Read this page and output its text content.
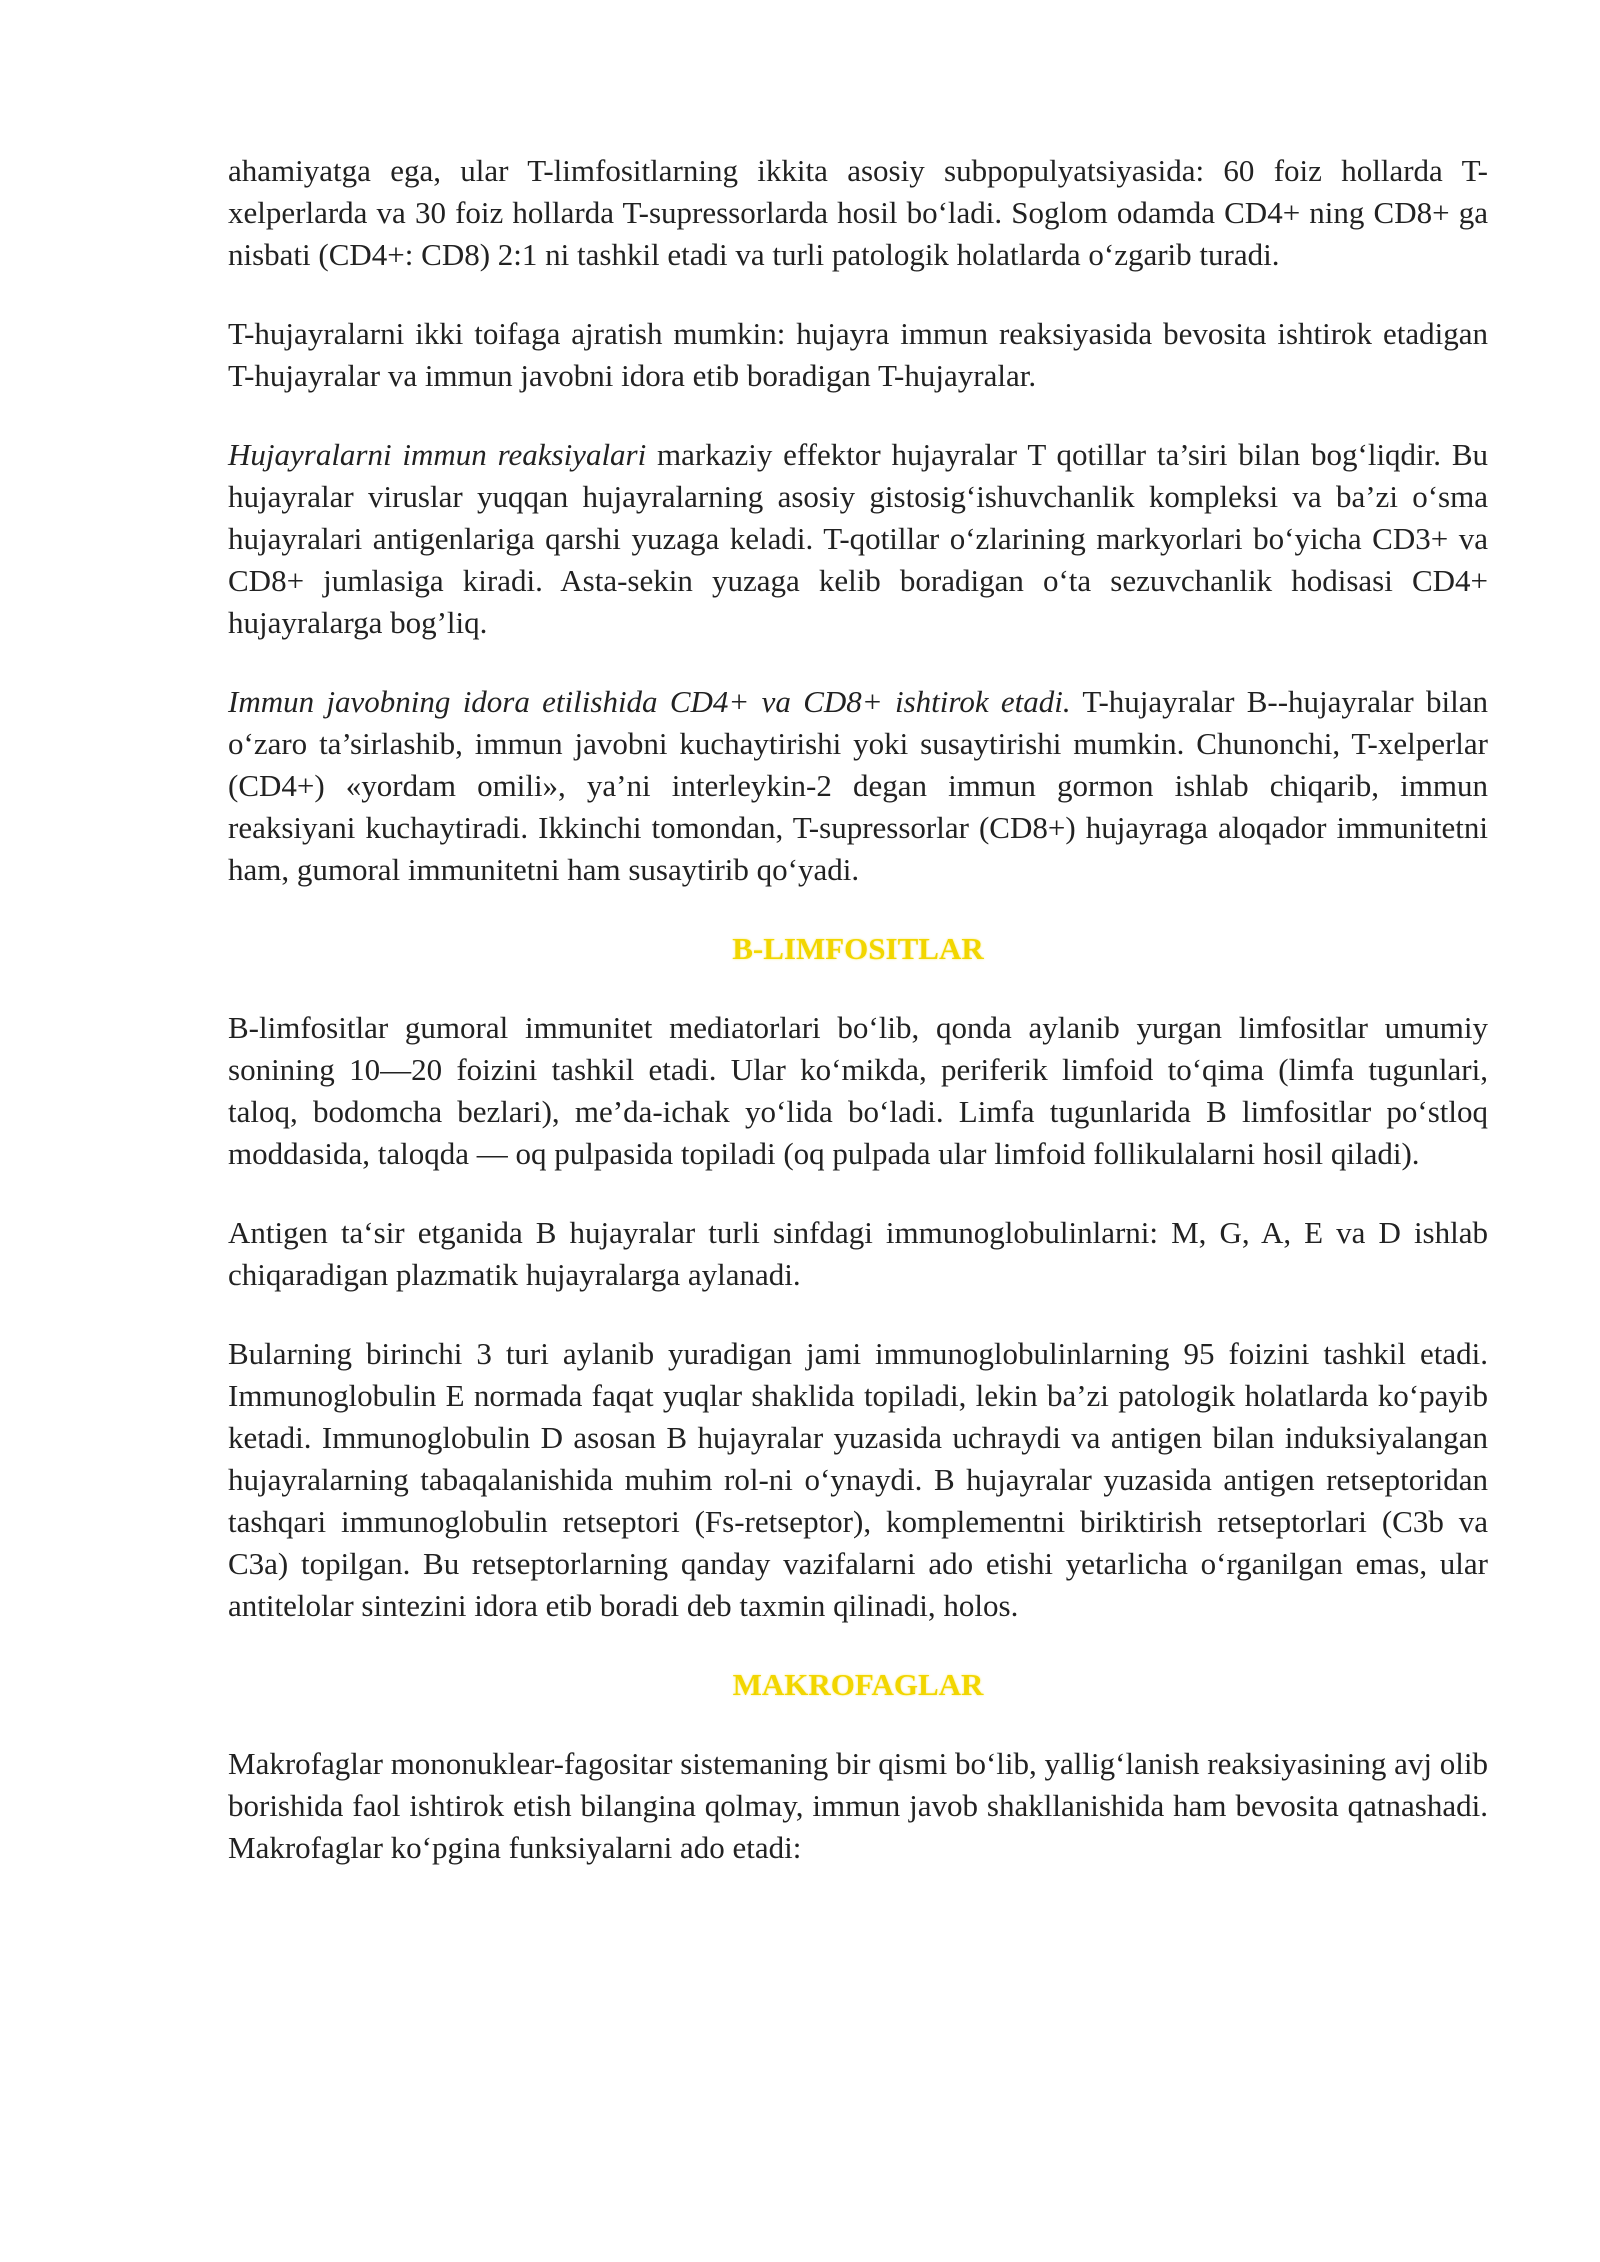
ahamiyatga ega, ular T-limfositlarning ikkita asosiy subpopulyatsiyasida: 60 foiz hollarda T-xelperlarda va 30 foiz hollarda T-supressorlarda hosil boʻladi. Soglom odamda CD4+ ning CD8+ ga nisbati (CD4+: CD8) 2:1 ni tashkil etadi va turli patologik holatlarda oʻzgarib turadi.

T-hujayralarni ikki toifaga ajratish mumkin: hujayra immun reaksiyasida bevosita ishtirok etadigan T-hujayralar va immun javobni idora etib boradigan T-hujayralar.

Hujayralarni immun reaksiyalari markaziy effektor hujayralar T qotillar ta’siri bilan bogʻliqdir. Bu hujayralar viruslar yuqqan hujayralarning asosiy gistosigʻishuvchanlik kompleksi va ba’zi oʻsma hujayralari antigenlariga qarshi yuzaga keladi. T-qotillar oʻzlarining markyorlari boʻyicha CD3+ va CD8+ jumlasiga kiradi. Asta-sekin yuzaga kelib boradigan oʻta sezuvchanlik hodisasi CD4+ hujayralarga bog’liq.

Immun javobning idora etilishida CD4+ va CD8+ ishtirok etadi. T-hujayralar B--hujayralar bilan oʻzaro ta’sirlashib, immun javobni kuchaytirishi yoki susaytirishi mumkin. Chunonchi, T-xelperlar (CD4+) «yordam omili», ya’ni interleykin-2 degan immun gormon ishlab chiqarib, immun reaksiyani kuchaytiradi. Ikkinchi tomondan, T-supressorlar (CD8+) hujayraga aloqador immunitetni ham, gumoral immunitetni ham susaytirib qoʻyadi.

B-LIMFOSITLAR

B-limfositlar gumoral immunitet mediatorlari boʻlib, qonda aylanib yurgan limfositlar umumiy sonining 10—20 foizini tashkil etadi. Ular koʻmikda, periferik limfoid toʻqima (limfa tugunlari, taloq, bodomcha bezlari), me’da-ichak yoʻlida boʻladi. Limfa tugunlarida B limfositlar poʻstloq moddasida, taloqda — oq pulpasida topiladi (oq pulpada ular limfoid follikulalarni hosil qiladi).

Antigen taʻsir etganida B hujayralar turli sinfdagi immunoglobulinlarni: M, G, A, E va D ishlab chiqaradigan plazmatik hujayralarga aylanadi.

Bularning birinchi 3 turi aylanib yuradigan jami immunoglobulinlarning 95 foizini tashkil etadi. Immunoglobulin E normada faqat yuqlar shaklida topiladi, lekin ba’zi patologik holatlarda koʻpayib ketadi. Immunoglobulin D asosan B hujayralar yuzasida uchraydi va antigen bilan induksiyalangan hujayralarning tabaqalanishida muhim rol-ni oʻynaydi. B hujayralar yuzasida antigen retseptoridan tashqari immunoglobulin retseptori (Fs-retseptor), komplementni biriktirish retseptorlari (C3b va C3a) topilgan. Bu retseptorlarning qanday vazifalarni ado etishi yetarlicha oʻrganilgan emas, ular antitelolar sintezini idora etib boradi deb taxmin qilinadi, holos.

MAKROFAGLAR

Makrofaglar mononuklear-fagositar sistemaning bir qismi boʻlib, yalligʻlanish reaksiyasining avj olib borishida faol ishtirok etish bilangina qolmay, immun javob shakllanishida ham bevosita qatnashadi. Makrofaglar koʻpgina funksiyalarni ado etadi:
